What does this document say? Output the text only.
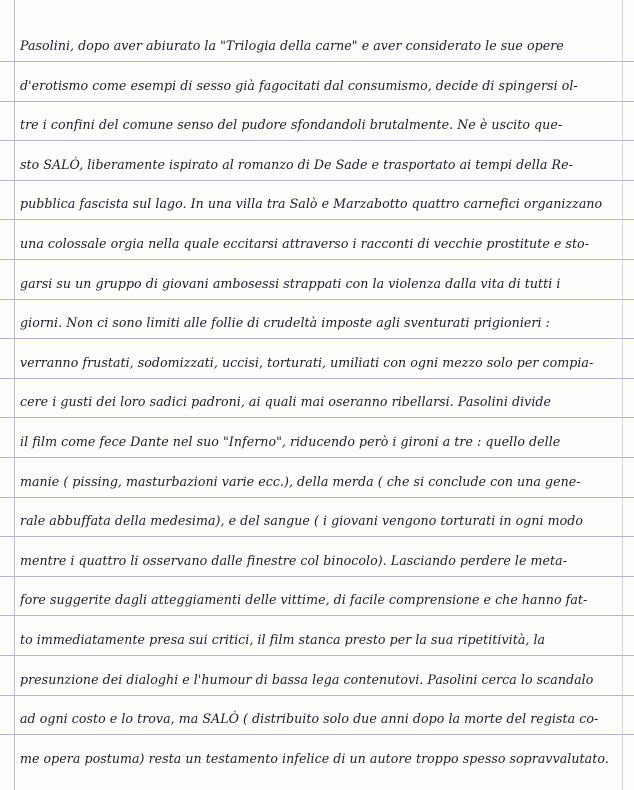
Pasolini, dopo aver abiurato la "Trilogia della carne" e aver considerato le sue opere
d'erotismo come esempi di sesso già fagocitati dal consumismo, decide di spingersi ol-
tre i confini del comune senso del pudore sfondandoli brutalmente. Ne è uscito que-
sto SALÒ, liberamente ispirato al romanzo di De Sade e trasportato ai tempi della Re-
pubblica fascista sul lago. In una villa tra Salò e Marzabotto quattro carnefici organizzano
una colossale orgia nella quale eccitarsi attraverso i racconti di vecchie prostitute e sto-
garsi su un gruppo di giovani ambosessi strappati con la violenza dalla vita di tutti i
giorni. Non ci sono limiti alle follie di crudeltà imposte agli sventurati prigionieri :
verranno frustati, sodomizzati, uccisi, torturati, umiliati con ogni mezzo solo per compia-
cere i gusti dei loro sadici padroni, ai quali mai oseranno ribellarsi. Pasolini divide
il film come fece Dante nel suo "Inferno", riducendo però i gironi a tre : quello delle
manie ( pissing, masturbazioni varie ecc.), della merda ( che si conclude con una gene-
rale abbuffata della medesima), e del sangue ( i giovani vengono torturati in ogni modo
mentre i quattro li osservano dalle finestre col binocolo). Lasciando perdere le meta-
fore suggerite dagli atteggiamenti delle vittime, di facile comprensione e che hanno fat-
to immediatamente presa sui critici, il film stanca presto per la sua ripetitività, la
presunzione dei dialoghi e l'humour di bassa lega contenutovi. Pasolini cerca lo scandalo
ad ogni costo e lo trova, ma SALÒ ( distribuito solo due anni dopo la morte del regista co-
me opera postuma) resta un testamento infelice di un autore troppo spesso sopravvalutato.
